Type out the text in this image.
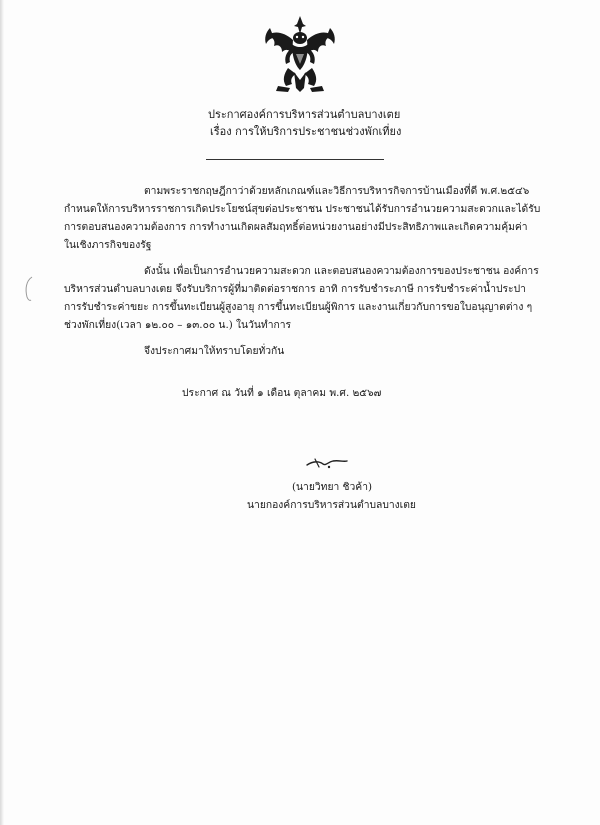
ประกาศองค์การบริหารส่วนตำบลบางเตย
เรื่อง การให้บริการประชาชนช่วงพักเที่ยง
ตามพระราชกฤษฎีกาว่าด้วยหลักเกณฑ์และวิธีการบริหารกิจการบ้านเมืองที่ดี พ.ศ.๒๕๔๖
กำหนดให้การบริหารราชการเกิดประโยชน์สุขต่อประชาชน ประชาชนได้รับการอำนวยความสะดวกและได้รับ
การตอบสนองความต้องการ การทำงานเกิดผลสัมฤทธิ์ต่อหน่วยงานอย่างมีประสิทธิภาพและเกิดความคุ้มค่า
ในเชิงภารกิจของรัฐ
ดังนั้น เพื่อเป็นการอำนวยความสะดวก และตอบสนองความต้องการของประชาชน องค์การ
บริหารส่วนตำบลบางเตย จึงรับบริการผู้ที่มาติดต่อราชการ อาทิ การรับชำระภาษี การรับชำระค่าน้ำประปา
การรับชำระค่าขยะ การขึ้นทะเบียนผู้สูงอายุ การขึ้นทะเบียนผู้พิการ และงานเกี่ยวกับการขอใบอนุญาตต่าง ๆ
ช่วงพักเที่ยง(เวลา ๑๒.๐๐ – ๑๓.๐๐ น.) ในวันทำการ
จึงประกาศมาให้ทราบโดยทั่วกัน
ประกาศ ณ วันที่ ๑ เดือน ตุลาคม พ.ศ. ๒๕๖๗
(นายวิทยา ชิวค้า)
นายกองค์การบริหารส่วนตำบลบางเตย
